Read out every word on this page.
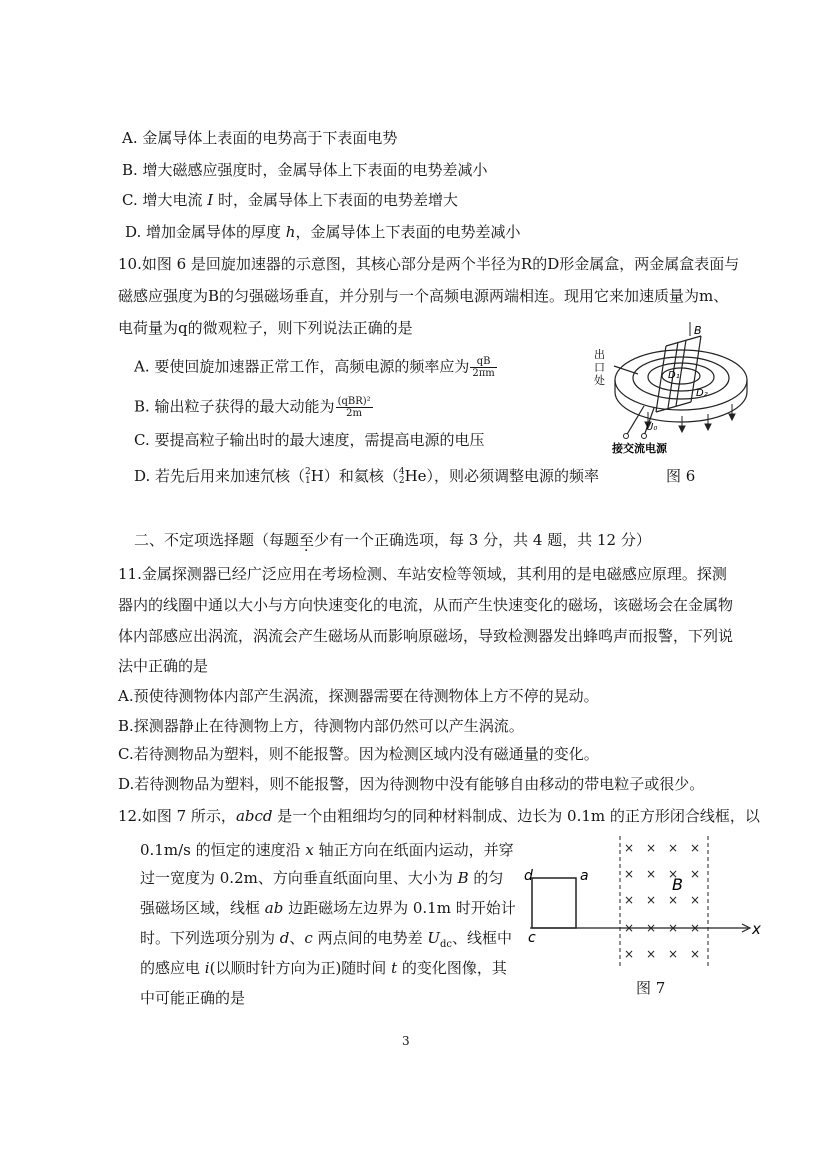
A. 金属导体上表面的电势高于下表面电势
B. 增大磁感应强度时，金属导体上下表面的电势差减小
C. 增大电流 I 时，金属导体上下表面的电势差增大
D. 增加金属导体的厚度 h，金属导体上下表面的电势差减小
10.如图 6 是回旋加速器的示意图，其核心部分是两个半径为R的D形金属盒，两金属盒表面与
磁感应强度为B的匀强磁场垂直，并分别与一个高频电源两端相连。现用它来加速质量为m、
电荷量为q的微观粒子，则下列说法正确的是
A. 要使回旋加速器正常工作，高频电源的频率应为 $\frac{qB}{2\pi m}$
B. 输出粒子获得的最大动能为 $\frac{\text{(qBR)²}}{2m}$
C. 要提高粒子输出时的最大速度，需提高电源的电压
D. 若先后用来加速氘核（ 2
1 H）和氦核（ 4
2 He），则必须调整电源的频率
出
口
处
B
D₁
D₂
U₀
接交流电源
图 6
二、不定项选择题（每题至少有一个正确选项，每 3 分，共 4 题，共 12 分）
11.金属探测器已经广泛应用在考场检测、车站安检等领域，其利用的是电磁感应原理。探测
器内的线圈中通以大小与方向快速变化的电流，从而产生快速变化的磁场，该磁场会在金属物
体内部感应出涡流，涡流会产生磁场从而影响原磁场，导致检测器发出蜂鸣声而报警，下列说
法中正确的是
A.预使待测物体内部产生涡流，探测器需要在待测物体上方不停的晃动。
B.探测器静止在待测物上方，待测物内部仍然可以产生涡流。
C.若待测物品为塑料，则不能报警。因为检测区域内没有磁通量的变化。
D.若待测物品为塑料，则不能报警，因为待测物中没有能够自由移动的带电粒子或很少。
12.如图 7 所示，abcd 是一个由粗细均匀的同种材料制成、边长为 0.1m 的正方形闭合线框，以
0.1m/s 的恒定的速度沿 x 轴正方向在纸面内运动，并穿
过一宽度为 0.2m、方向垂直纸面向里、大小为 B 的匀
强磁场区域，线框 ab 边距磁场左边界为 0.1m 时开始计
时。下列选项分别为 d、c 两点间的电势差 $U_{dc}$、线框中
的感应电 i(以顺时针方向为正)随时间 t 的变化图像，其
中可能正确的是
× × × ×
× × × ×
× × × ×
× × × ×
× × × ×
d	a
c
B
x
图 7
3
